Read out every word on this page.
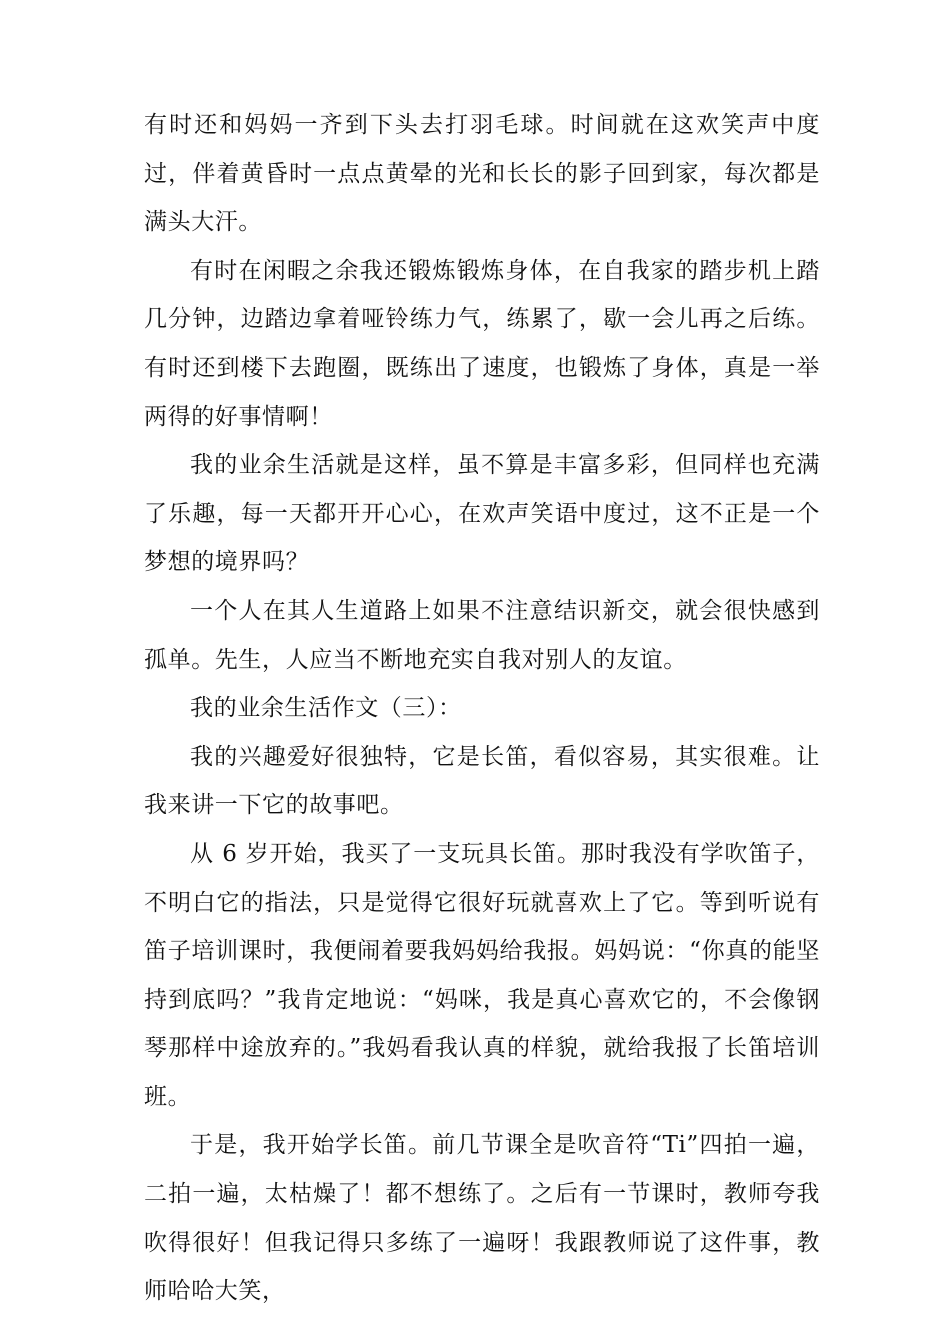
有时还和妈妈一齐到下头去打羽毛球。时间就在这欢笑声中度过，伴着黄昏时一点点黄晕的光和长长的影子回到家，每次都是满头大汗。

有时在闲暇之余我还锻炼锻炼身体，在自我家的踏步机上踏几分钟，边踏边拿着哑铃练力气，练累了，歇一会儿再之后练。有时还到楼下去跑圈，既练出了速度，也锻炼了身体，真是一举两得的好事情啊！

我的业余生活就是这样，虽不算是丰富多彩，但同样也充满了乐趣，每一天都开开心心，在欢声笑语中度过，这不正是一个梦想的境界吗？

一个人在其人生道路上如果不注意结识新交，就会很快感到孤单。先生，人应当不断地充实自我对别人的友谊。

我的业余生活作文（三）：

我的兴趣爱好很独特，它是长笛，看似容易，其实很难。让我来讲一下它的故事吧。

从 6 岁开始，我买了一支玩具长笛。那时我没有学吹笛子，不明白它的指法，只是觉得它很好玩就喜欢上了它。等到听说有笛子培训课时，我便闹着要我妈妈给我报。妈妈说：“你真的能坚持到底吗？”我肯定地说：“妈咪，我是真心喜欢它的，不会像钢琴那样中途放弃的。”我妈看我认真的样貌，就给我报了长笛培训班。

于是，我开始学长笛。前几节课全是吹音符“Ti”四拍一遍，二拍一遍，太枯燥了！都不想练了。之后有一节课时，教师夸我吹得很好！但我记得只多练了一遍呀！我跟教师说了这件事，教师哈哈大笑，
